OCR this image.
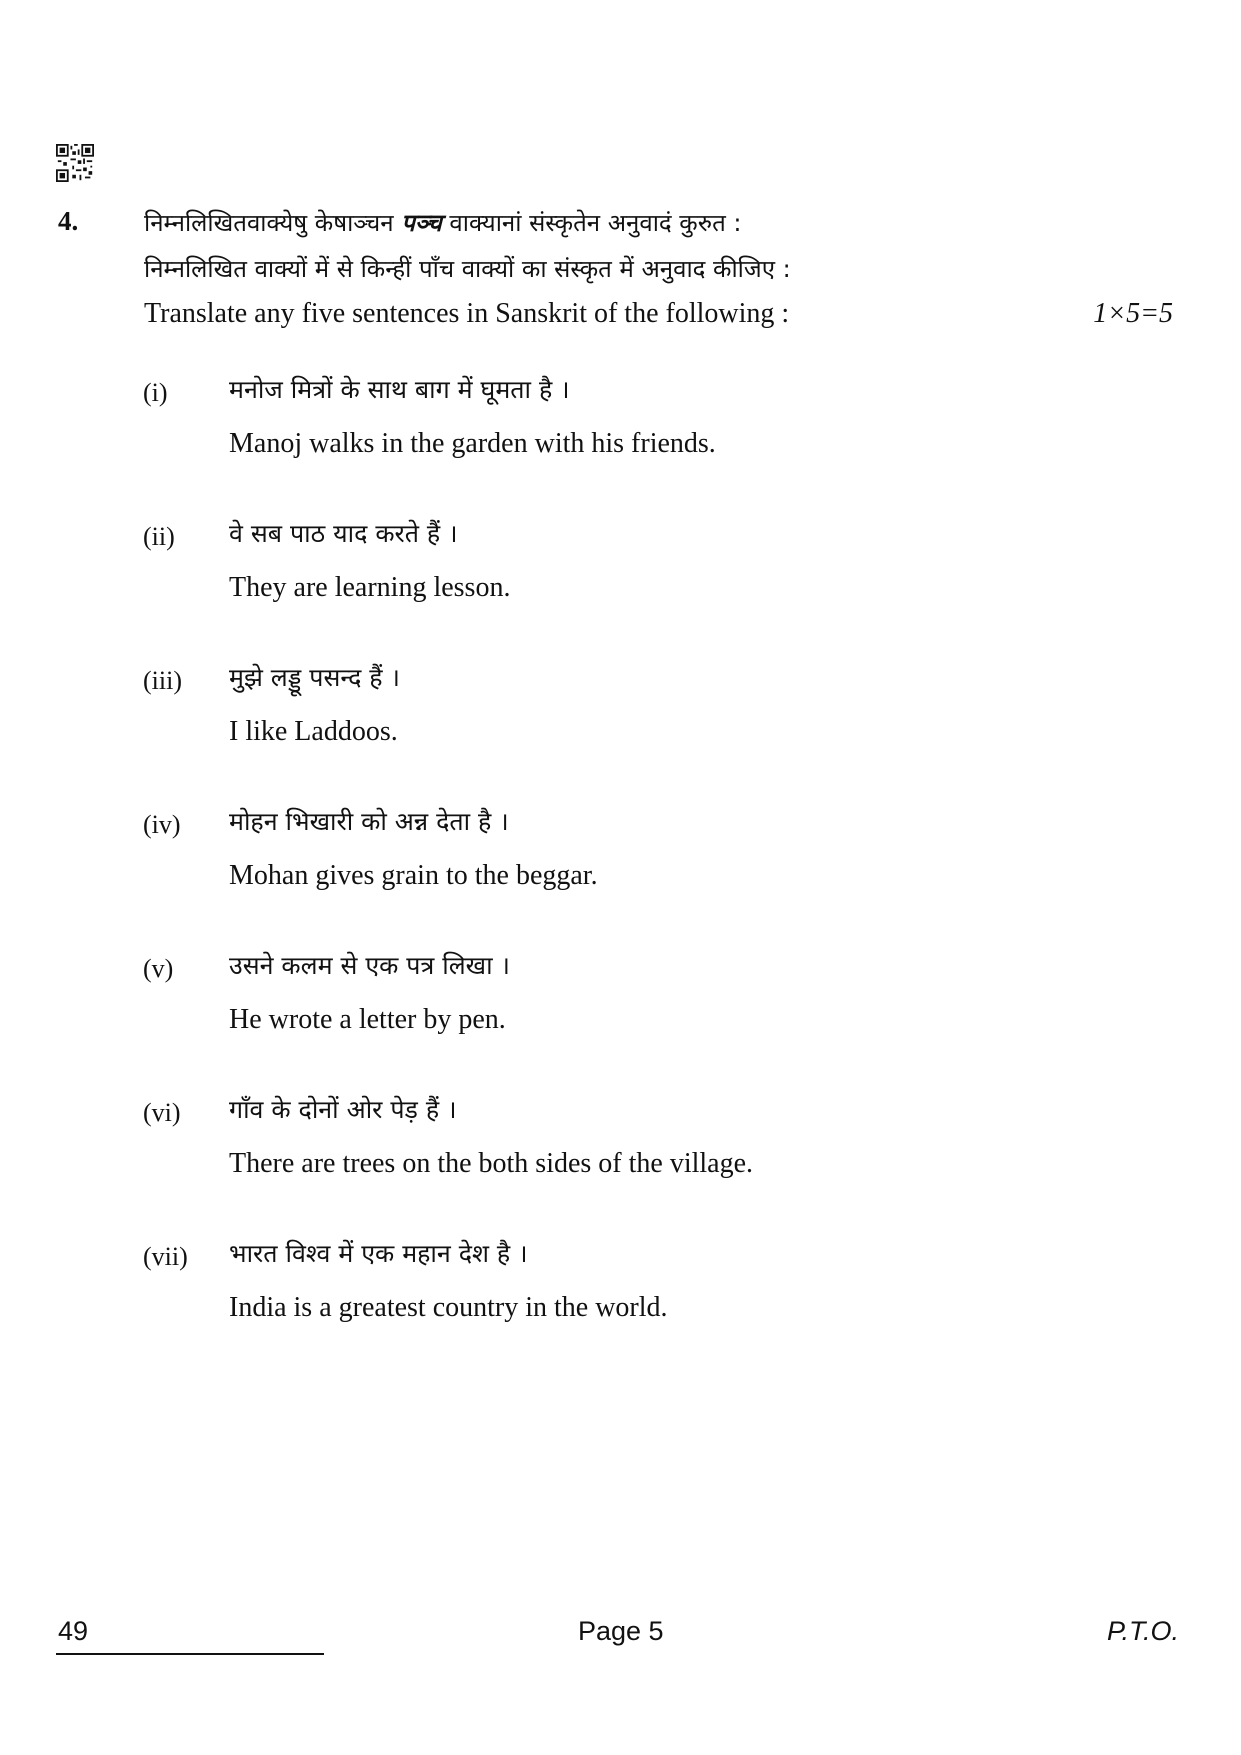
4.	निम्नलिखितवाक्येषु केषाञ्चन पञ्च वाक्यानां संस्कृतेन अनुवादं कुरुत :
निम्नलिखित वाक्यों में से किन्हीं पाँच वाक्यों का संस्कृत में अनुवाद कीजिए :
Translate any five sentences in Sanskrit of the following :	1×5=5
(i) मनोज मित्रों के साथ बाग में घूमता है ।
Manoj walks in the garden with his friends.
(ii) वे सब पाठ याद करते हैं ।
They are learning lesson.
(iii) मुझे लड्डू पसन्द हैं ।
I like Laddoos.
(iv) मोहन भिखारी को अन्न देता है ।
Mohan gives grain to the beggar.
(v) उसने कलम से एक पत्र लिखा ।
He wrote a letter by pen.
(vi) गाँव के दोनों ओर पेड़ हैं ।
There are trees on the both sides of the village.
(vii) भारत विश्व में एक महान देश है ।
India is a greatest country in the world.
49	Page 5	P.T.O.
